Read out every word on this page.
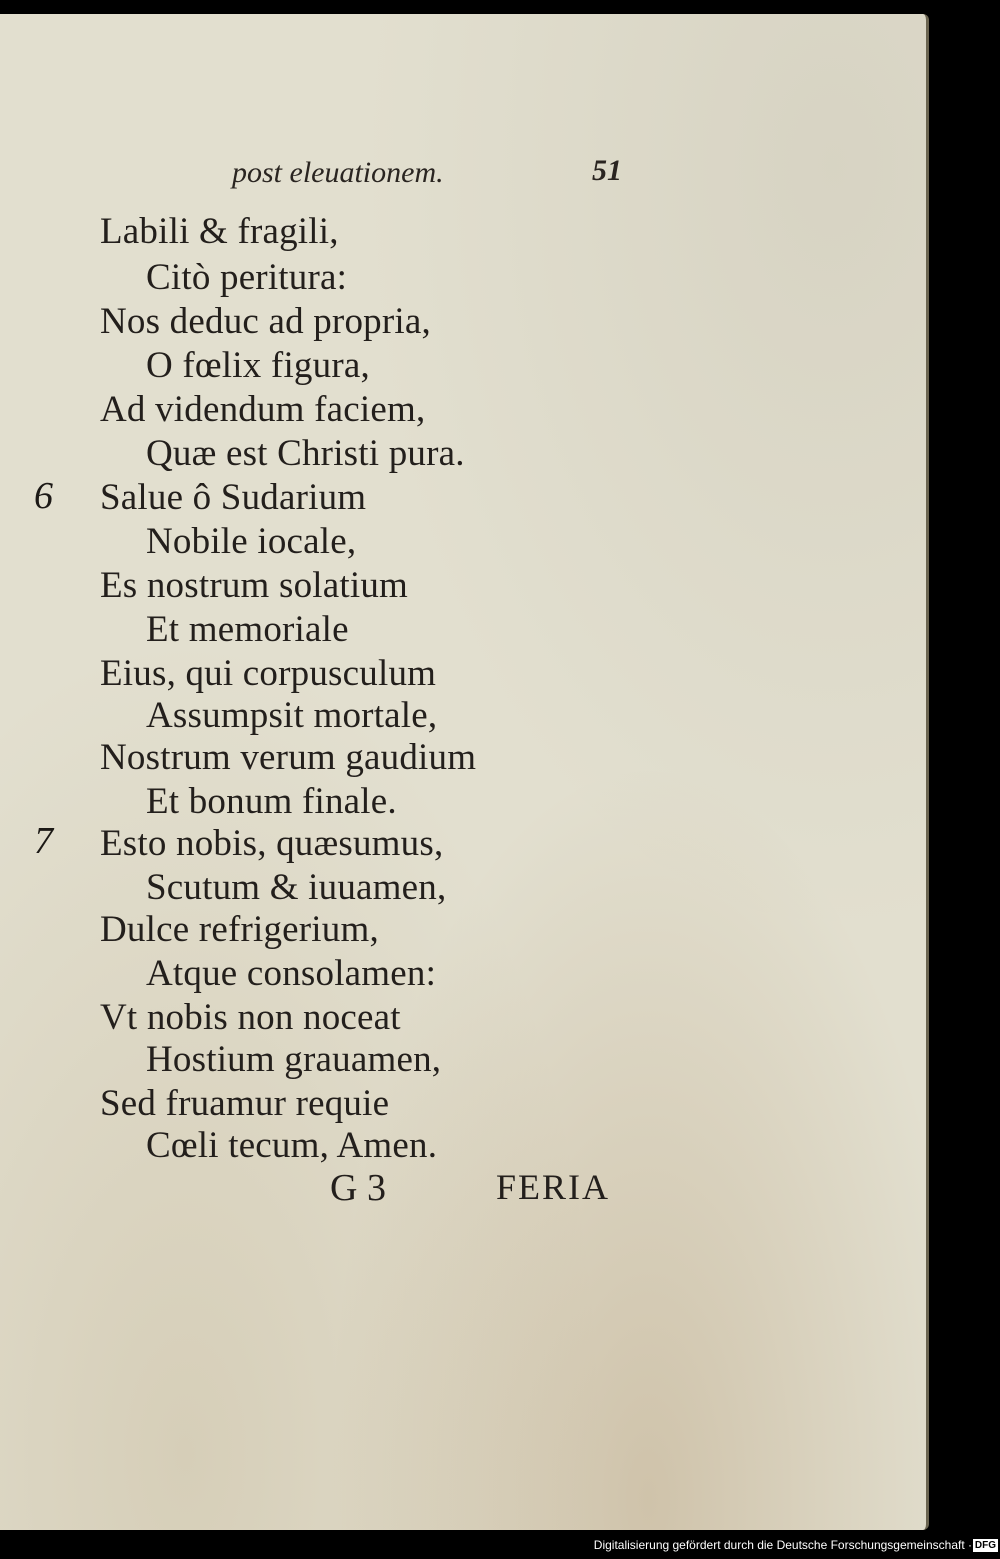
post eleuationem.	51
6
7
Labili & fragili,
Citò peritura:
Nos deduc ad propria,
O fœlix figura,
Ad videndum faciem,
Quæ est Christi pura.
Salue ô Sudarium
Nobile iocale,
Es nostrum solatium
Et memoriale
Eius, qui corpusculum
Assumpsit mortale,
Nostrum verum gaudium
Et bonum finale.
Esto nobis, quæsumus,
Scutum & iuuamen,
Dulce refrigerium,
Atque consolamen:
Vt nobis non noceat
Hostium grauamen,
Sed fruamur requie
Cœli tecum, Amen.
G 3	FERIA
Digitalisierung gefördert durch die Deutsche Forschungsgemeinschaft · DFG
